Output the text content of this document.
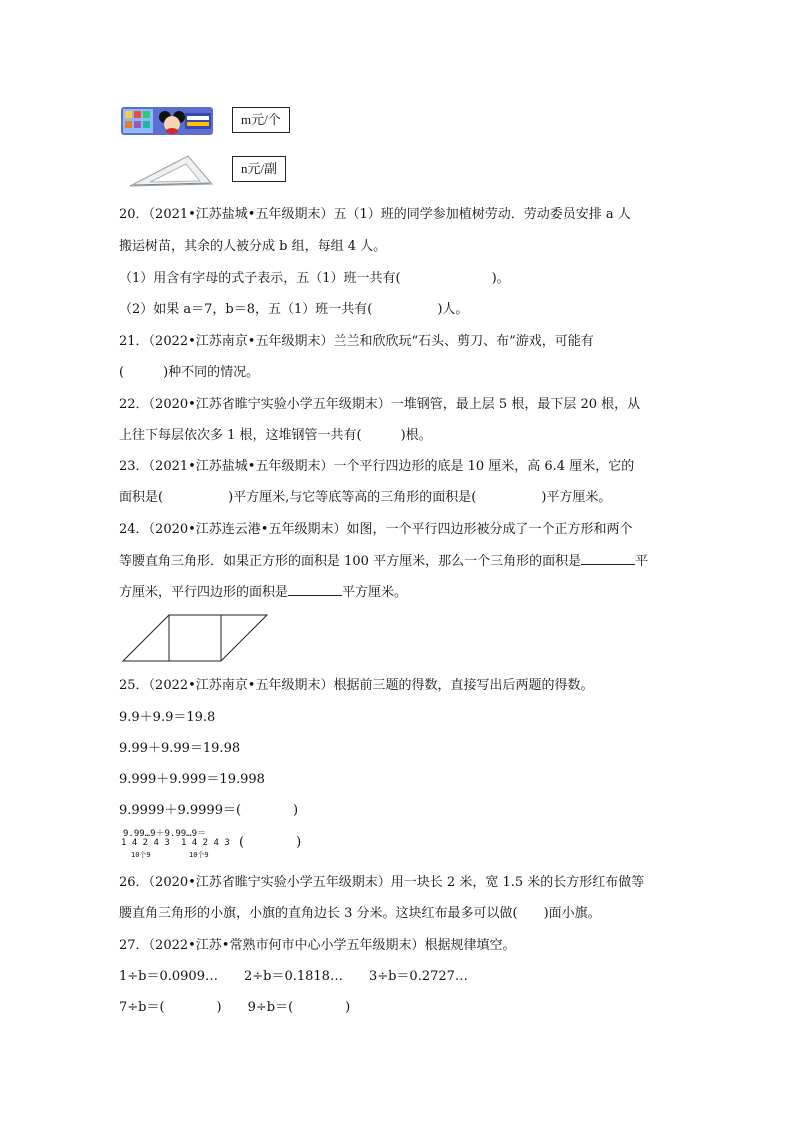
m元/个
n元/副
20．（2021•江苏盐城•五年级期末）五（1）班的同学参加植树劳动．劳动委员安排 a 人
搬运树苗，其余的人被分成 b 组，每组 4 人。
（1）用含有字母的式子表示，五（1）班一共有(　　　　　　　)。
（2）如果 a＝7，b＝8，五（1）班一共有(　　　　　)人。
21．（2022•江苏南京•五年级期末）兰兰和欣欣玩“石头、剪刀、布”游戏，可能有
(　　　)种不同的情况。
22．（2020•江苏省睢宁实验小学五年级期末）一堆钢管，最上层 5 根，最下层 20 根，从
上往下每层依次多 1 根，这堆钢管一共有(　　　)根。
23．（2021•江苏盐城•五年级期末）一个平行四边形的底是 10 厘米，高 6.4 厘米，它的
面积是(　　　　　)平方厘米,与它等底等高的三角形的面积是(　　　　　)平方厘米。
24．（2020•江苏连云港•五年级期末）如图，一个平行四边形被分成了一个正方形和两个
等腰直角三角形．如果正方形的面积是 100 平方厘米，那么一个三角形的面积是	平
方厘米，平行四边形的面积是	平方厘米。
25．（2022•江苏南京•五年级期末）根据前三题的得数，直接写出后两题的得数。
9.9＋9.9＝19.8
9.99＋9.99＝19.98
9.999＋9.999＝19.998
9.9999＋9.9999＝(　　　　)
9.99…9＋9.99…9＝
1 4 2 4 3 1 4 2 4 3
10个9	10个9
(　　　　)
26．（2020•江苏省睢宁实验小学五年级期末）用一块长 2 米，宽 1.5 米的长方形红布做等
腰直角三角形的小旗，小旗的直角边长 3 分米。这块红布最多可以做(　　)面小旗。
27．（2022•江苏•常熟市何市中心小学五年级期末）根据规律填空。
1÷b＝0.0909…　　2÷b＝0.1818…　　3÷b＝0.2727…
7÷b＝(　　　　)　　9÷b＝(　　　　)
